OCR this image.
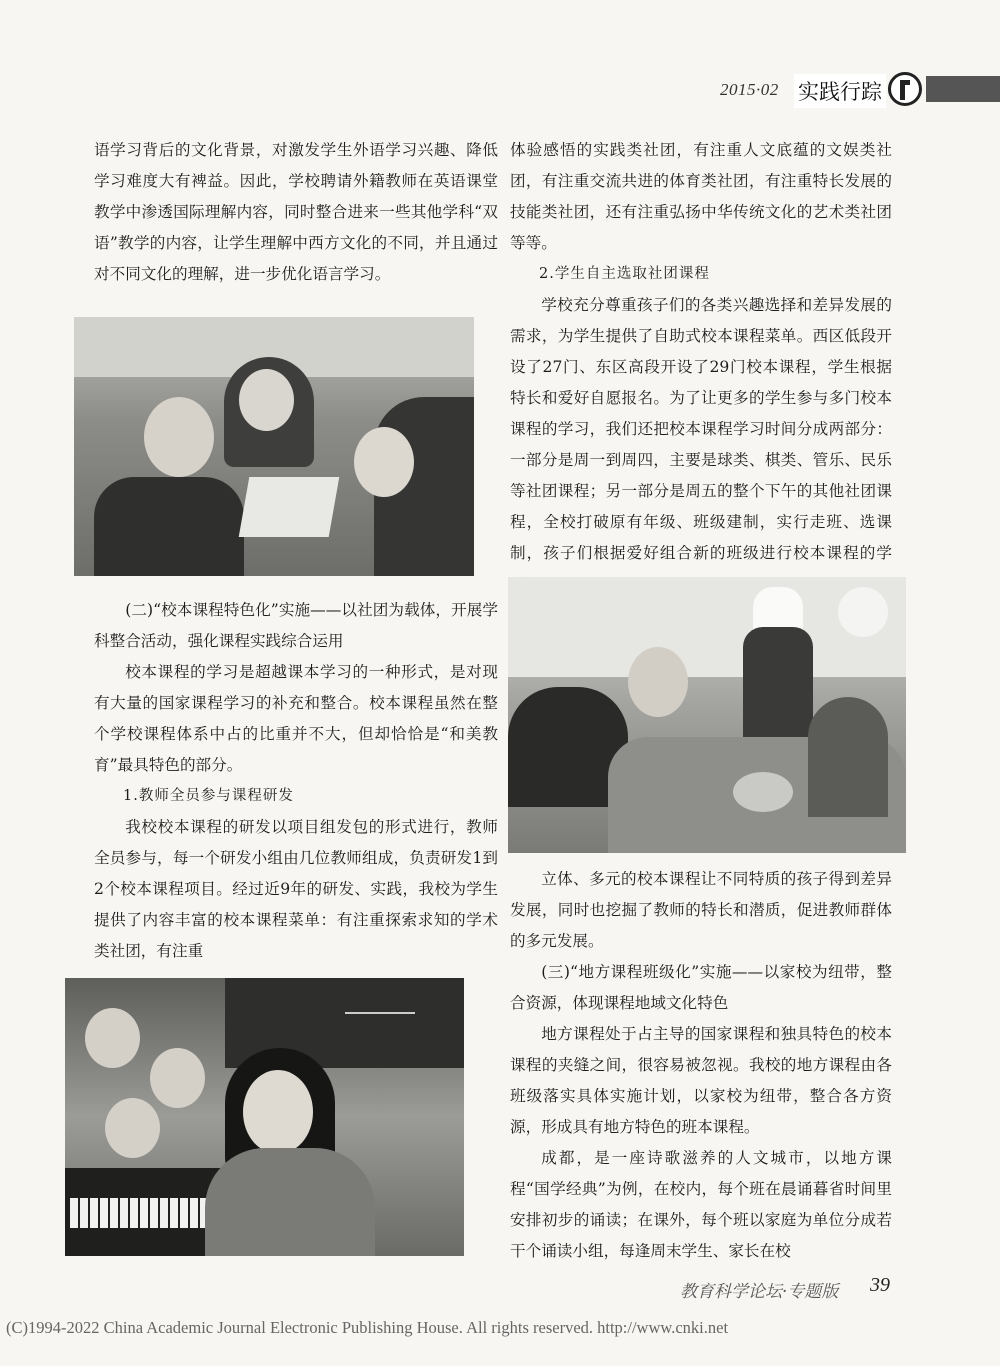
2015·02 实践行踪

语学习背后的文化背景，对激发学生外语学习兴趣、降低学习难度大有裨益。因此，学校聘请外籍教师在英语课堂教学中渗透国际理解内容，同时整合进来一些其他学科“双语”教学的内容，让学生理解中西方文化的不同，并且通过对不同文化的理解，进一步优化语言学习。

(二)“校本课程特色化”实施——以社团为载体，开展学科整合活动，强化课程实践综合运用

校本课程的学习是超越课本学习的一种形式，是对现有大量的国家课程学习的补充和整合。校本课程虽然在整个学校课程体系中占的比重并不大，但却恰恰是“和美教育”最具特色的部分。

1.教师全员参与课程研发

我校校本课程的研发以项目组发包的形式进行，教师全员参与，每一个研发小组由几位教师组成，负责研发1到2个校本课程项目。经过近9年的研发、实践，我校为学生提供了内容丰富的校本课程菜单：有注重探索求知的学术类社团，有注重

体验感悟的实践类社团，有注重人文底蕴的文娱类社团，有注重交流共进的体育类社团，有注重特长发展的技能类社团，还有注重弘扬中华传统文化的艺术类社团等等。

2.学生自主选取社团课程

学校充分尊重孩子们的各类兴趣选择和差异发展的需求，为学生提供了自助式校本课程菜单。西区低段开设了27门、东区高段开设了29门校本课程，学生根据特长和爱好自愿报名。为了让更多的学生参与多门校本课程的学习，我们还把校本课程学习时间分成两部分：一部分是周一到周四，主要是球类、棋类、管乐、民乐等社团课程；另一部分是周五的整个下午的其他社团课程，全校打破原有年级、班级建制，实行走班、选课制，孩子们根据爱好组合新的班级进行校本课程的学

立体、多元的校本课程让不同特质的孩子得到差异发展，同时也挖掘了教师的特长和潜质，促进教师群体的多元发展。

(三)“地方课程班级化”实施——以家校为纽带，整合资源，体现课程地域文化特色

地方课程处于占主导的国家课程和独具特色的校本课程的夹缝之间，很容易被忽视。我校的地方课程由各班级落实具体实施计划，以家校为纽带，整合各方资源，形成具有地方特色的班本课程。

成都，是一座诗歌滋养的人文城市，以地方课程“国学经典”为例，在校内，每个班在晨诵暮省时间里安排初步的诵读；在课外，每个班以家庭为单位分成若干个诵读小组，每逢周末学生、家长在校

教育科学论坛·专题版 39
(C)1994-2022 China Academic Journal Electronic Publishing House. All rights reserved. http://www.cnki.net
